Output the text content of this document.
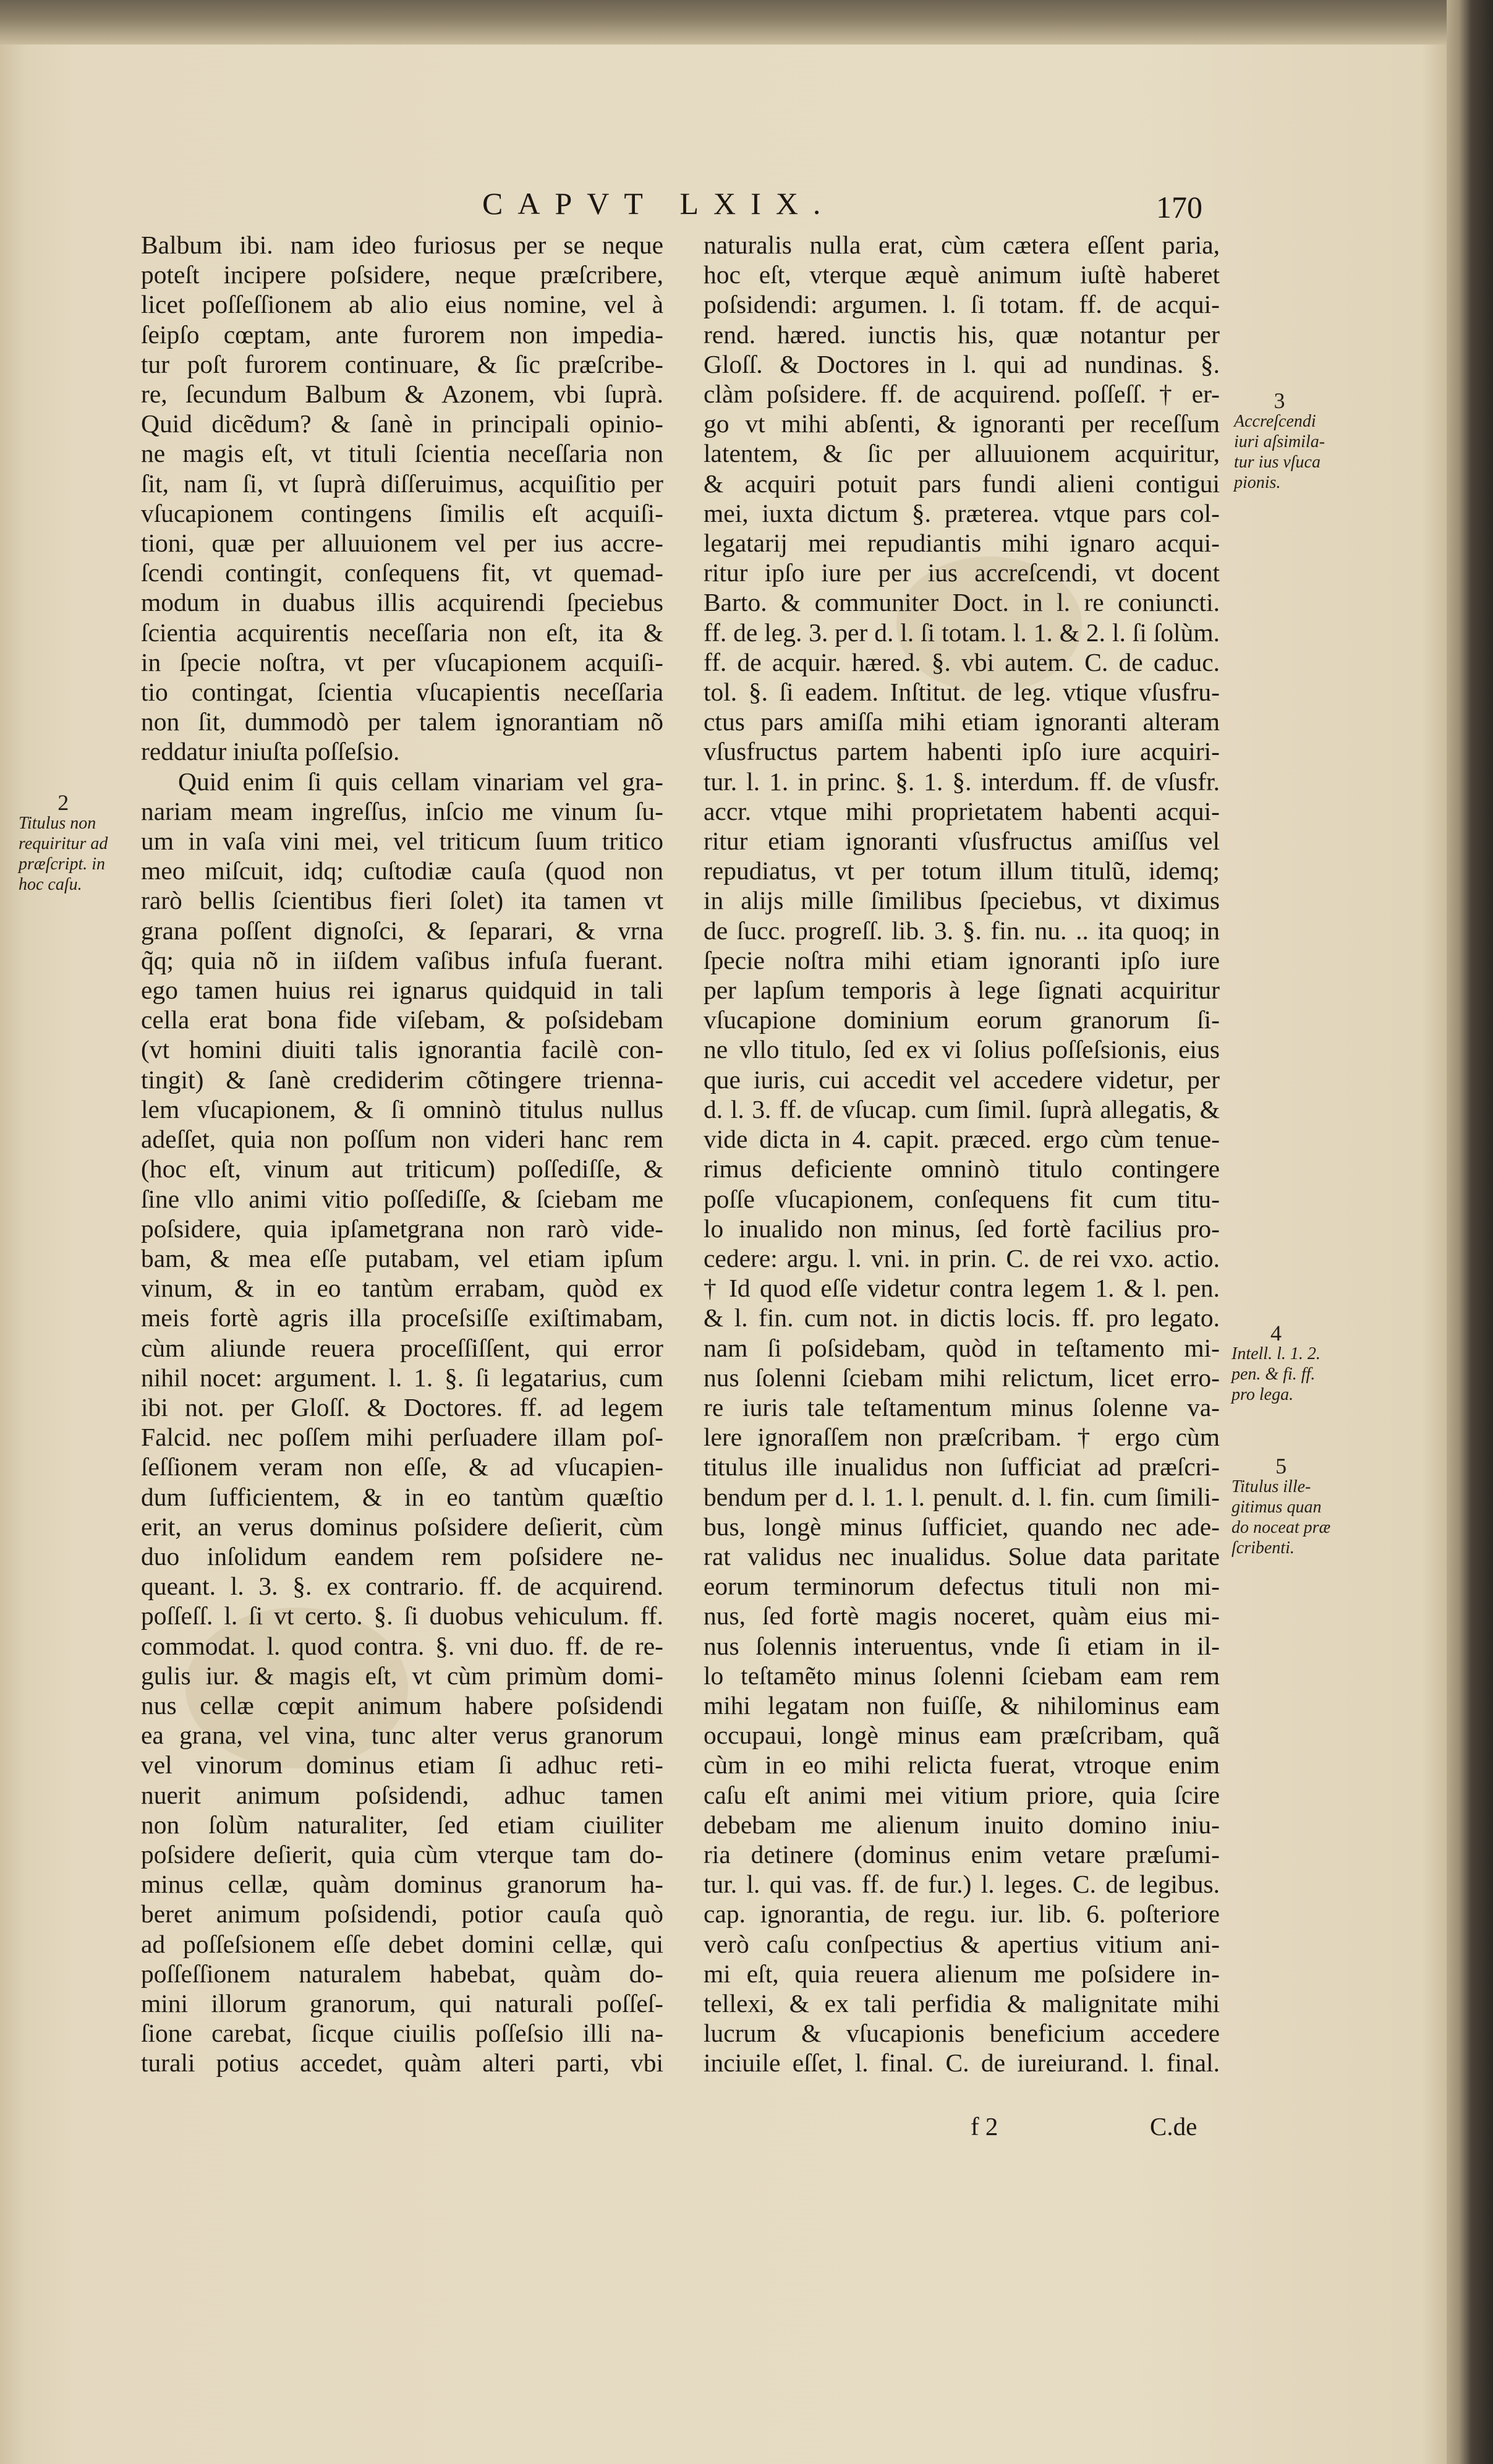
CAPVT LXIX.	170
Balbum ibi. nam ideo furiosus per se neque
poteſt incipere poſsidere, neque præſcribere,
licet poſſeſſionem ab alio eius nomine, vel à
ſeipſo cœptam, ante furorem non impedia-
tur poſt furorem continuare, & ſic præſcribe-
re, ſecundum Balbum & Azonem, vbi ſuprà.
Quid dicẽdum? & ſanè in principali opinio-
ne magis eſt, vt tituli ſcientia neceſſaria non
ſit, nam ſi, vt ſuprà diſſeruimus, acquiſitio per
vſucapionem contingens ſimilis eſt acquiſi-
tioni, quæ per alluuionem vel per ius accre-
ſcendi contingit, conſequens fit, vt quemad-
modum in duabus illis acquirendi ſpeciebus
ſcientia acquirentis neceſſaria non eſt, ita &
in ſpecie noſtra, vt per vſucapionem acquiſi-
tio contingat, ſcientia vſucapientis neceſſaria
non ſit, dummodò per talem ignorantiam nõ
reddatur iniuſta poſſeſsio.
Quid enim ſi quis cellam vinariam vel gra-
nariam meam ingreſſus, inſcio me vinum ſu-
um in vaſa vini mei, vel triticum ſuum tritico
meo miſcuit, idq; cuſtodiæ cauſa (quod non
rarò bellis ſcientibus fieri ſolet) ita tamen vt
grana poſſent dignoſci, & ſeparari, & vrna
q̃q; quia nõ in iiſdem vaſibus infuſa fuerant.
ego tamen huius rei ignarus quidquid in tali
cella erat bona fide viſebam, & poſsidebam
(vt homini diuiti talis ignorantia facilè con-
tingit) & ſanè crediderim cõtingere trienna-
lem vſucapionem, & ſi omninò titulus nullus
adeſſet, quia non poſſum non videri hanc rem
(hoc eſt, vinum aut triticum) poſſediſſe, &
ſine vllo animi vitio poſſediſſe, & ſciebam me
poſsidere, quia ipſametgrana non rarò vide-
bam, & mea eſſe putabam, vel etiam ipſum
vinum, & in eo tantùm errabam, quòd ex
meis fortè agris illa proceſsiſſe exiſtimabam,
cùm aliunde reuera proceſſiſſent, qui error
nihil nocet: argument. l. 1. §. ſi legatarius, cum
ibi not. per Gloſſ. & Doctores. ff. ad legem
Falcid. nec poſſem mihi perſuadere illam poſ-
ſeſſionem veram non eſſe, & ad vſucapien-
dum ſufficientem, & in eo tantùm quæſtio
erit, an verus dominus poſsidere deſierit, cùm
duo inſolidum eandem rem poſsidere ne-
queant. l. 3. §. ex contrario. ff. de acquirend.
poſſeſſ. l. ſi vt certo. §. ſi duobus vehiculum. ff.
commodat. l. quod contra. §. vni duo. ff. de re-
gulis iur. & magis eſt, vt cùm primùm domi-
nus cellæ cœpit animum habere poſsidendi
ea grana, vel vina, tunc alter verus granorum
vel vinorum dominus etiam ſi adhuc reti-
nuerit animum poſsidendi, adhuc tamen
non ſolùm naturaliter, ſed etiam ciuiliter
poſsidere deſierit, quia cùm vterque tam do-
minus cellæ, quàm dominus granorum ha-
beret animum poſsidendi, potior cauſa quò
ad poſſeſsionem eſſe debet domini cellæ, qui
poſſeſſionem naturalem habebat, quàm do-
mini illorum granorum, qui naturali poſſeſ-
ſione carebat, ſicque ciuilis poſſeſsio illi na-
turali potius accedet, quàm alteri parti, vbi
naturalis nulla erat, cùm cætera eſſent paria,
hoc eſt, vterque æquè animum iuſtè haberet
poſsidendi: argumen. l. ſi totam. ff. de acqui-
rend. hæred. iunctis his, quæ notantur per
Gloſſ. & Doctores in l. qui ad nundinas. §.
clàm poſsidere. ff. de acquirend. poſſeſſ. † er-
go vt mihi abſenti, & ignoranti per receſſum
latentem, & ſic per alluuionem acquiritur,
& acquiri potuit pars fundi alieni contigui
mei, iuxta dictum §. præterea. vtque pars col-
legatarij mei repudiantis mihi ignaro acqui-
ritur ipſo iure per ius accreſcendi, vt docent
Barto. & communiter Doct. in l. re coniuncti.
ff. de leg. 3. per d. l. ſi totam. l. 1. & 2. l. ſi ſolùm.
ff. de acquir. hæred. §. vbi autem. C. de caduc.
tol. §. ſi eadem. Inſtitut. de leg. vtique vſusfru-
ctus pars amiſſa mihi etiam ignoranti alteram
vſusfructus partem habenti ipſo iure acquiri-
tur. l. 1. in princ. §. 1. §. interdum. ff. de vſusfr.
accr. vtque mihi proprietatem habenti acqui-
ritur etiam ignoranti vſusfructus amiſſus vel
repudiatus, vt per totum illum titulũ, idemq;
in alijs mille ſimilibus ſpeciebus, vt diximus
de ſucc. progreſſ. lib. 3. §. fin. nu. .. ita quoq; in
ſpecie noſtra mihi etiam ignoranti ipſo iure
per lapſum temporis à lege ſignati acquiritur
vſucapione dominium eorum granorum ſi-
ne vllo titulo, ſed ex vi ſolius poſſeſsionis, eius
que iuris, cui accedit vel accedere videtur, per
d. l. 3. ff. de vſucap. cum ſimil. ſuprà allegatis, &
vide dicta in 4. capit. præced. ergo cùm tenue-
rimus deficiente omninò titulo contingere
poſſe vſucapionem, conſequens fit cum titu-
lo inualido non minus, ſed fortè facilius pro-
cedere: argu. l. vni. in prin. C. de rei vxo. actio.
† Id quod eſſe videtur contra legem 1. & l. pen.
& l. fin. cum not. in dictis locis. ff. pro legato.
nam ſi poſsidebam, quòd in teſtamento mi-
nus ſolenni ſciebam mihi relictum, licet erro-
re iuris tale teſtamentum minus ſolenne va-
lere ignoraſſem non præſcribam. † ergo cùm
titulus ille inualidus non ſufficiat ad præſcri-
bendum per d. l. 1. l. penult. d. l. fin. cum ſimili-
bus, longè minus ſufficiet, quando nec ade-
rat validus nec inualidus. Solue data paritate
eorum terminorum defectus tituli non mi-
nus, ſed fortè magis noceret, quàm eius mi-
nus ſolennis interuentus, vnde ſi etiam in il-
lo teſtamẽto minus ſolenni ſciebam eam rem
mihi legatam non fuiſſe, & nihilominus eam
occupaui, longè minus eam præſcribam, quã
cùm in eo mihi relicta fuerat, vtroque enim
caſu eſt animi mei vitium priore, quia ſcire
debebam me alienum inuito domino iniu-
ria detinere (dominus enim vetare præſumi-
tur. l. qui vas. ff. de fur.) l. leges. C. de legibus.
cap. ignorantia, de regu. iur. lib. 6. poſteriore
verò caſu conſpectius & apertius vitium ani-
mi eſt, quia reuera alienum me poſsidere in-
tellexi, & ex tali perfidia & malignitate mihi
lucrum & vſucapionis beneficium accedere
inciuile eſſet, l. final. C. de iureiurand. l. final.
2
Titulus non
requiritur ad
præſcript. in
hoc caſu.
3
Accreſcendi
iuri aſsimila-
tur ius vſuca
pionis.
4
Intell. l. 1. 2.
pen. & fi. ff.
pro lega.
5
Titulus ille-
gitimus quan
do noceat præ
ſcribenti.
f 2	C.de
